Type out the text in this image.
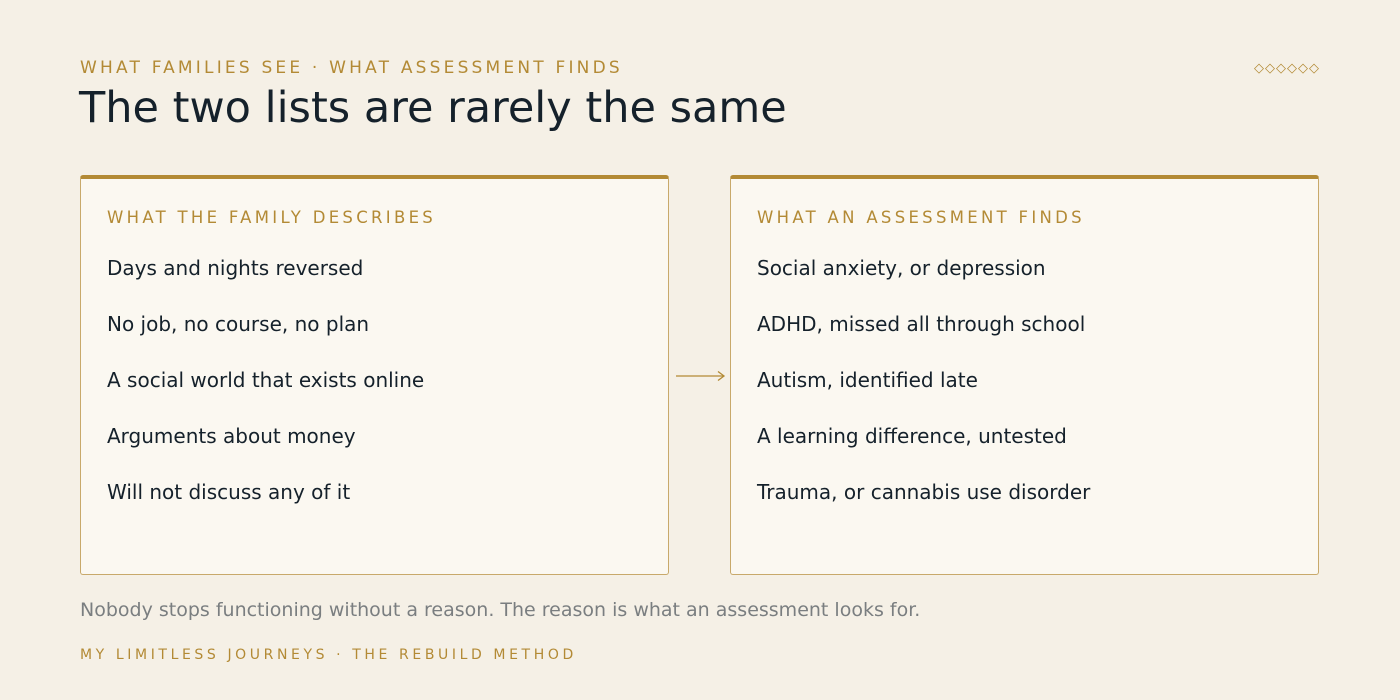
WHAT FAMILIES SEE · WHAT ASSESSMENT FINDS
The two lists are rarely the same
◇◇◇◇◇◇
WHAT THE FAMILY DESCRIBES
Days and nights reversed
No job, no course, no plan
A social world that exists online
Arguments about money
Will not discuss any of it
WHAT AN ASSESSMENT FINDS
Social anxiety, or depression
ADHD, missed all through school
Autism, identified late
A learning difference, untested
Trauma, or cannabis use disorder

Nobody stops functioning without a reason. The reason is what an assessment looks for.

MY LIMITLESS JOURNEYS · THE REBUILD METHOD
